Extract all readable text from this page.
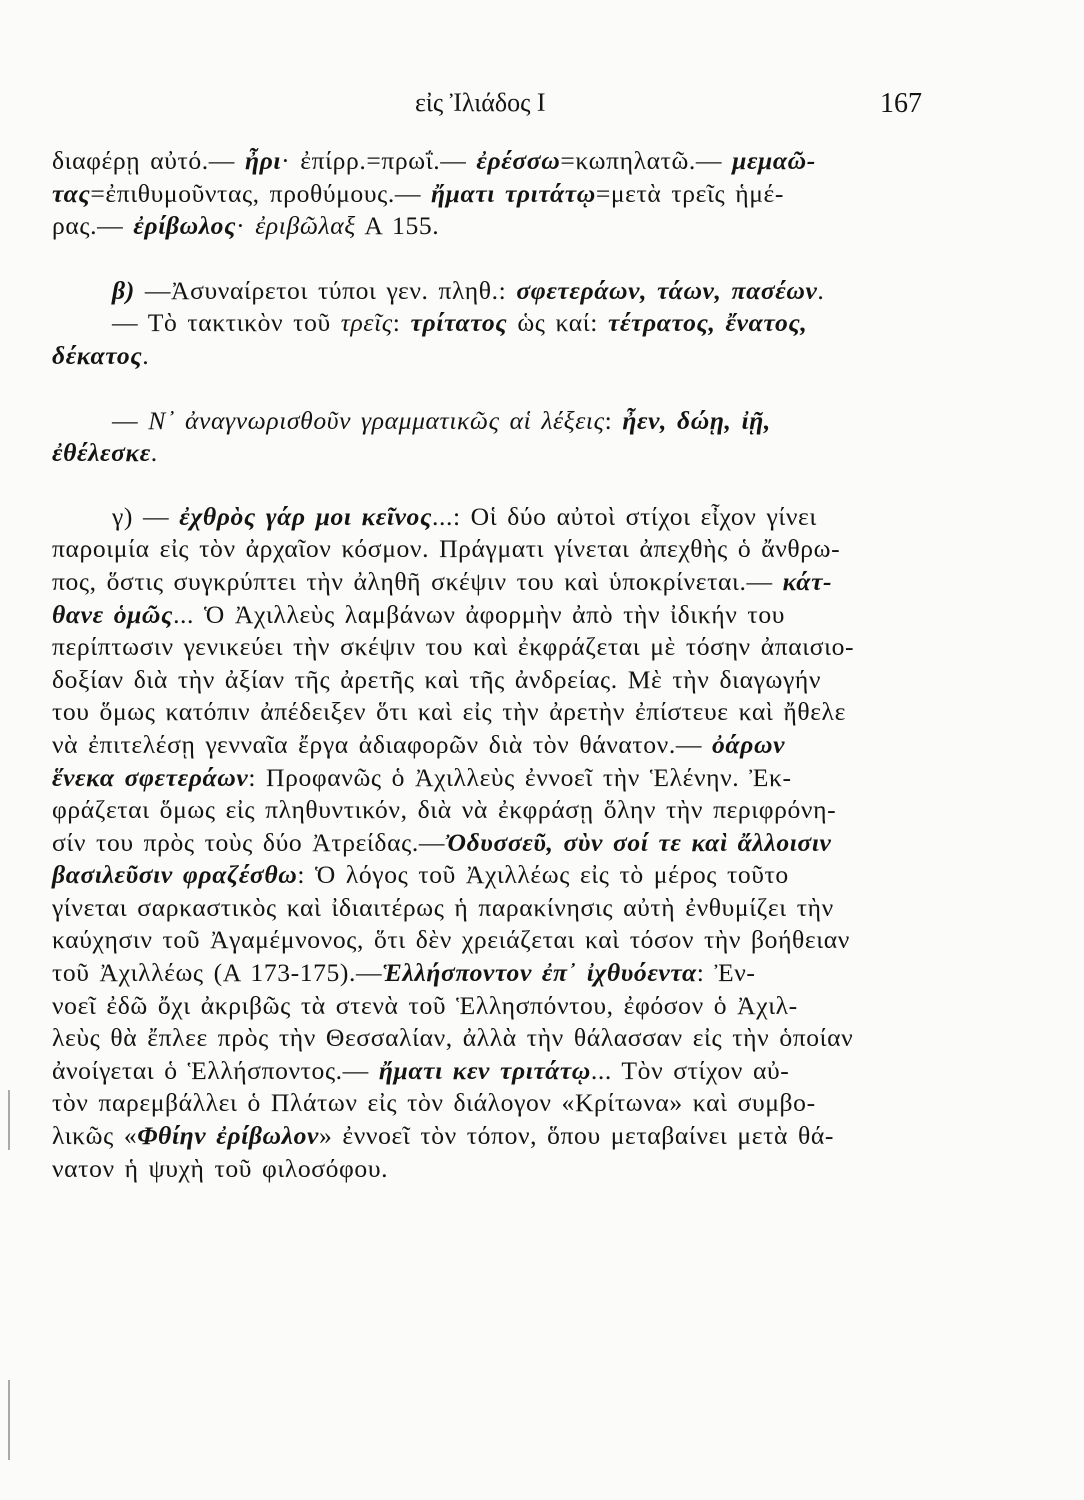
εἰς Ἰλιάδος Ι	167
διαφέρῃ αὐτό.— ἦρι· ἐπίρρ.=πρωΐ.— ἐρέσσω=κωπηλατῶ.— μεμαῶ-
τας=ἐπιθυμοῦντας, προθύμους.— ἤματι τριτάτῳ=μετὰ τρεῖς ἡμέ-
ρας.— ἐρίβωλος· ἐριβῶλαξ Α 155.
β) —Ἀσυναίρετοι τύποι γεν. πληθ.: σφετεράων, τάων, πασέων.
— Τὸ τακτικὸν τοῦ τρεῖς: τρίτατος ὡς καί: τέτρατος, ἔνατος,
δέκατος.
— Ν᾽ ἀναγνωρισθοῦν γραμματικῶς αἱ λέξεις: ἦεν, δώῃ, ἰῇ,
ἐθέλεσκε.
γ) — ἐχθρὸς γάρ μοι κεῖνος...: Οἱ δύο αὐτοὶ στίχοι εἶχον γίνει
παροιμία εἰς τὸν ἀρχαῖον κόσμον. Πράγματι γίνεται ἀπεχθὴς ὁ ἄνθρω-
πος, ὅστις συγκρύπτει τὴν ἀληθῆ σκέψιν του καὶ ὑποκρίνεται.— κάτ-
θανε ὁμῶς... Ὁ Ἀχιλλεὺς λαμβάνων ἀφορμὴν ἀπὸ τὴν ἰδικήν του
περίπτωσιν γενικεύει τὴν σκέψιν του καὶ ἐκφράζεται μὲ τόσην ἀπαισιο-
δοξίαν διὰ τὴν ἀξίαν τῆς ἀρετῆς καὶ τῆς ἀνδρείας. Μὲ τὴν διαγωγήν
του ὅμως κατόπιν ἀπέδειξεν ὅτι καὶ εἰς τὴν ἀρετὴν ἐπίστευε καὶ ἤθελε
νὰ ἐπιτελέσῃ γενναῖα ἔργα ἀδιαφορῶν διὰ τὸν θάνατον.— ὀάρων
ἕνεκα σφετεράων: Προφανῶς ὁ Ἀχιλλεὺς ἐννοεῖ τὴν Ἑλένην. Ἐκ-
φράζεται ὅμως εἰς πληθυντικόν, διὰ νὰ ἐκφράσῃ ὅλην τὴν περιφρόνη-
σίν του πρὸς τοὺς δύο Ἀτρείδας.—Ὀδυσσεῦ, σὺν σοί τε καὶ ἄλλοισιν
βασιλεῦσιν φραζέσθω: Ὁ λόγος τοῦ Ἀχιλλέως εἰς τὸ μέρος τοῦτο
γίνεται σαρκαστικὸς καὶ ἰδιαιτέρως ἡ παρακίνησις αὐτὴ ἐνθυμίζει τὴν
καύχησιν τοῦ Ἀγαμέμνονος, ὅτι δὲν χρειάζεται καὶ τόσον τὴν βοήθειαν
τοῦ Ἀχιλλέως (Α 173-175).—Ἑλλήσποντον ἐπ᾽ ἰχθυόεντα: Ἐν-
νοεῖ ἐδῶ ὄχι ἀκριβῶς τὰ στενὰ τοῦ Ἑλλησπόντου, ἐφόσον ὁ Ἀχιλ-
λεὺς θὰ ἔπλεε πρὸς τὴν Θεσσαλίαν, ἀλλὰ τὴν θάλασσαν εἰς τὴν ὁποίαν
ἀνοίγεται ὁ Ἑλλήσποντος.— ἤματι κεν τριτάτῳ... Τὸν στίχον αὐ-
τὸν παρεμβάλλει ὁ Πλάτων εἰς τὸν διάλογον «Κρίτωνα» καὶ συμβο-
λικῶς «Φθίην ἐρίβωλον» ἐννοεῖ τὸν τόπον, ὅπου μεταβαίνει μετὰ θά-
νατον ἡ ψυχὴ τοῦ φιλοσόφου.
